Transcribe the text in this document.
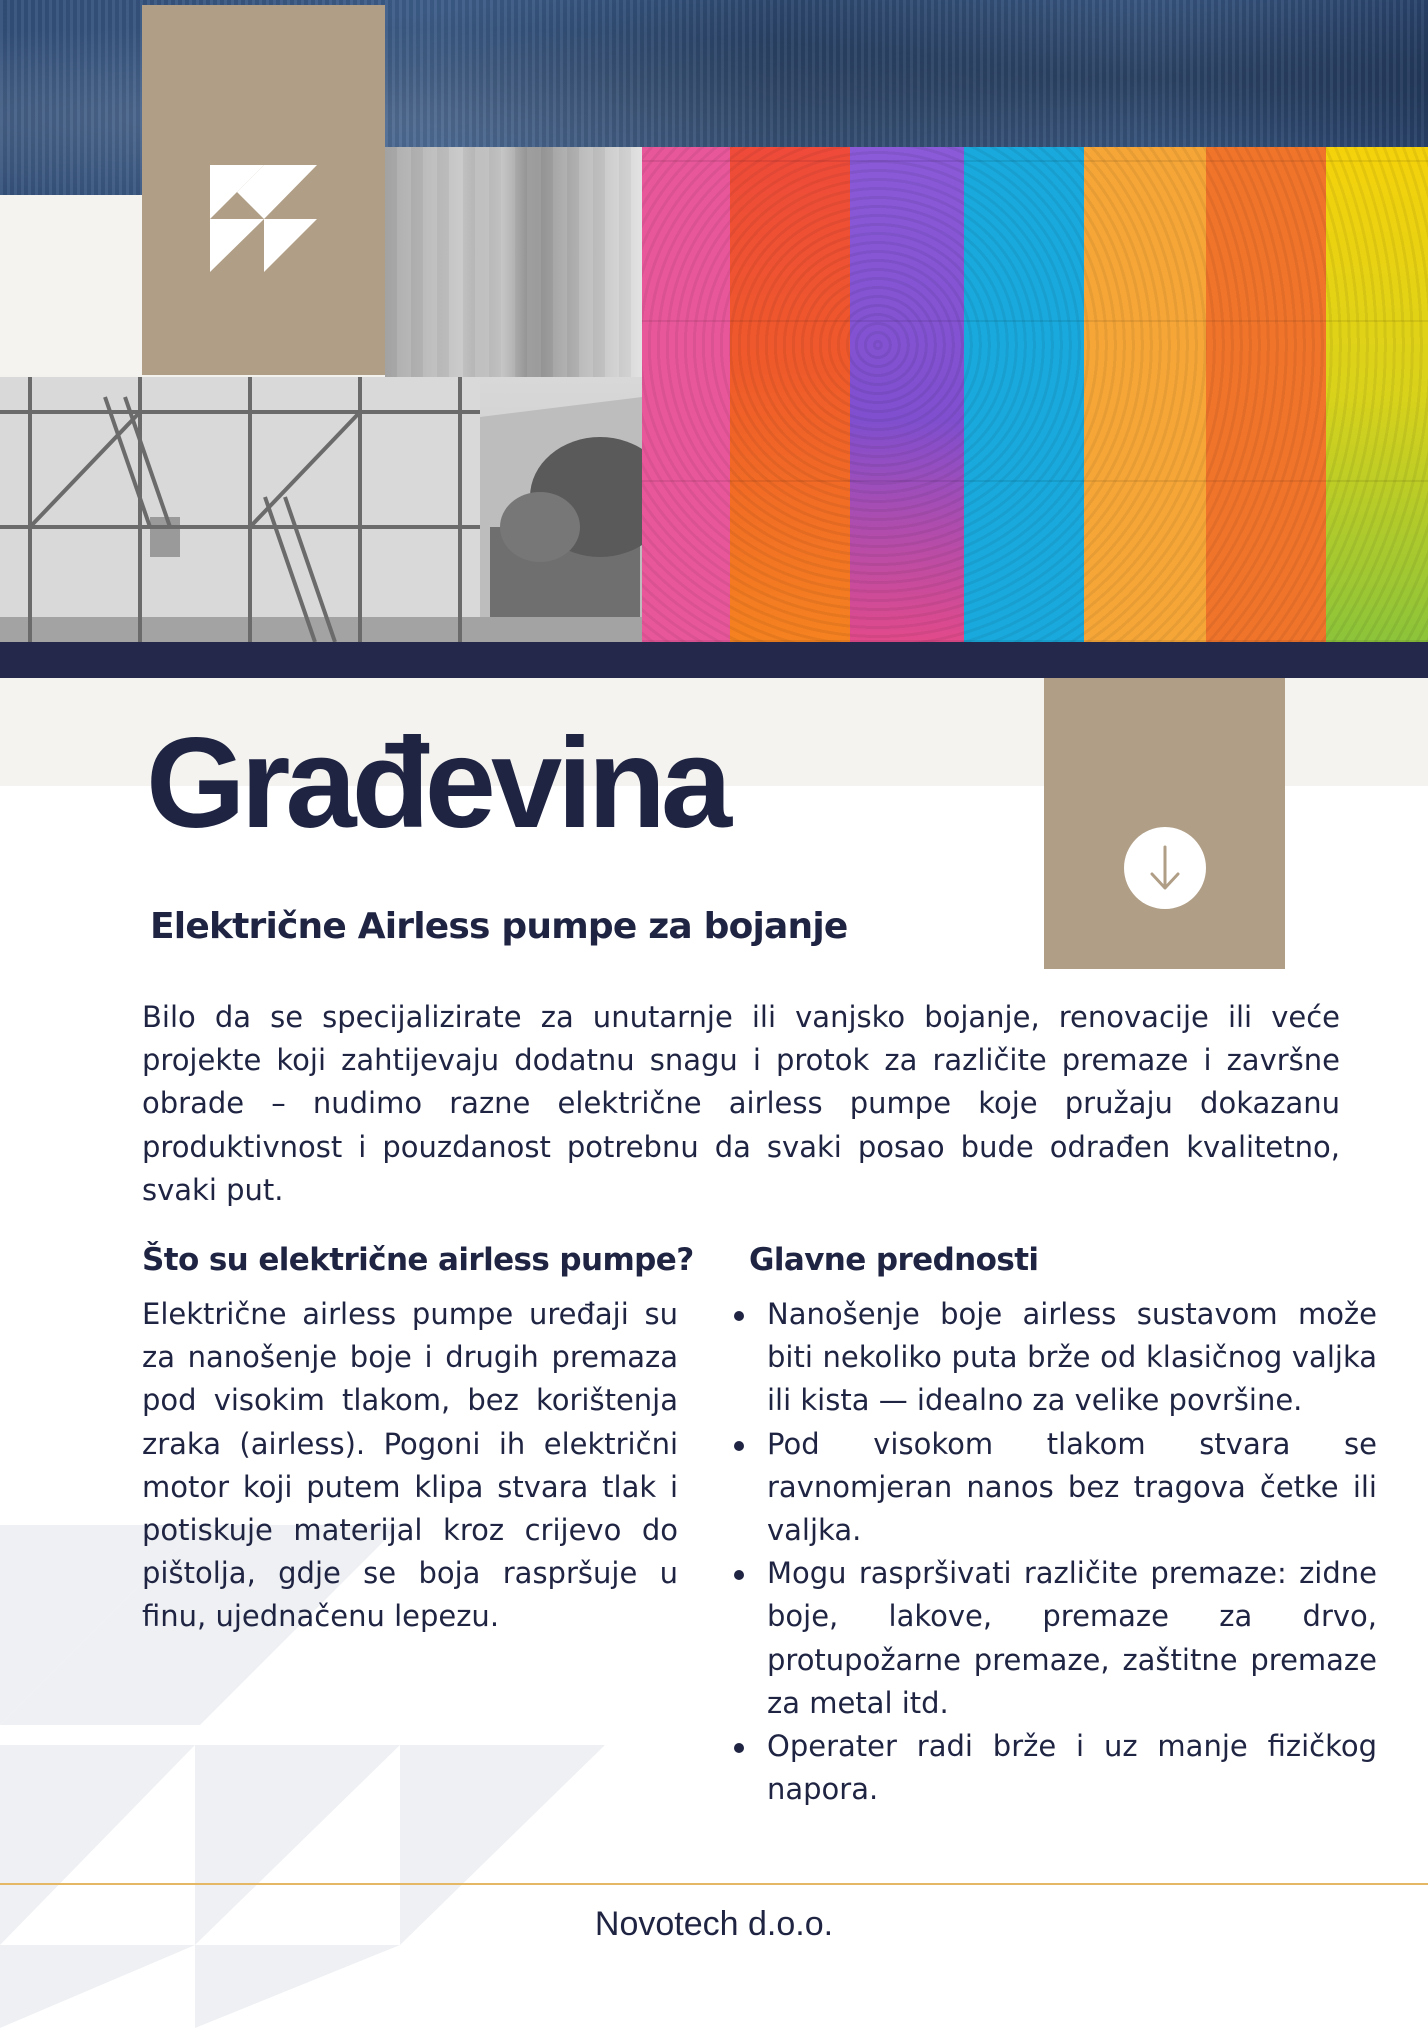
Građevina
Električne Airless pumpe za bojanje

Bilo da se specijalizirate za unutarnje ili vanjsko bojanje, renovacije ili veće projekte koji zahtijevaju dodatnu snagu i protok za različite premaze i završne obrade – nudimo razne električne airless pumpe koje pružaju dokazanu produktivnost i pouzdanost potrebnu da svaki posao bude odrađen kvalitetno, svaki put.

Što su električne airless pumpe?

Električne airless pumpe uređaji su za nanošenje boje i drugih premaza pod visokim tlakom, bez korištenja zraka (airless). Pogoni ih električni motor koji putem klipa stvara tlak i potiskuje materijal kroz crijevo do pištolja, gdje se boja raspršuje u finu, ujednačenu lepezu.

Glavne prednosti
Nanošenje boje airless sustavom može biti nekoliko puta brže od klasičnog valjka ili kista — idealno za velike površine.
Pod visokom tlakom stvara se ravnomjeran nanos bez tragova četke ili valjka.
Mogu raspršivati različite premaze: zidne boje, lakove, premaze za drvo, protupožarne premaze, zaštitne premaze za metal itd.
Operater radi brže i uz manje fizičkog napora.

Novotech d.o.o.
